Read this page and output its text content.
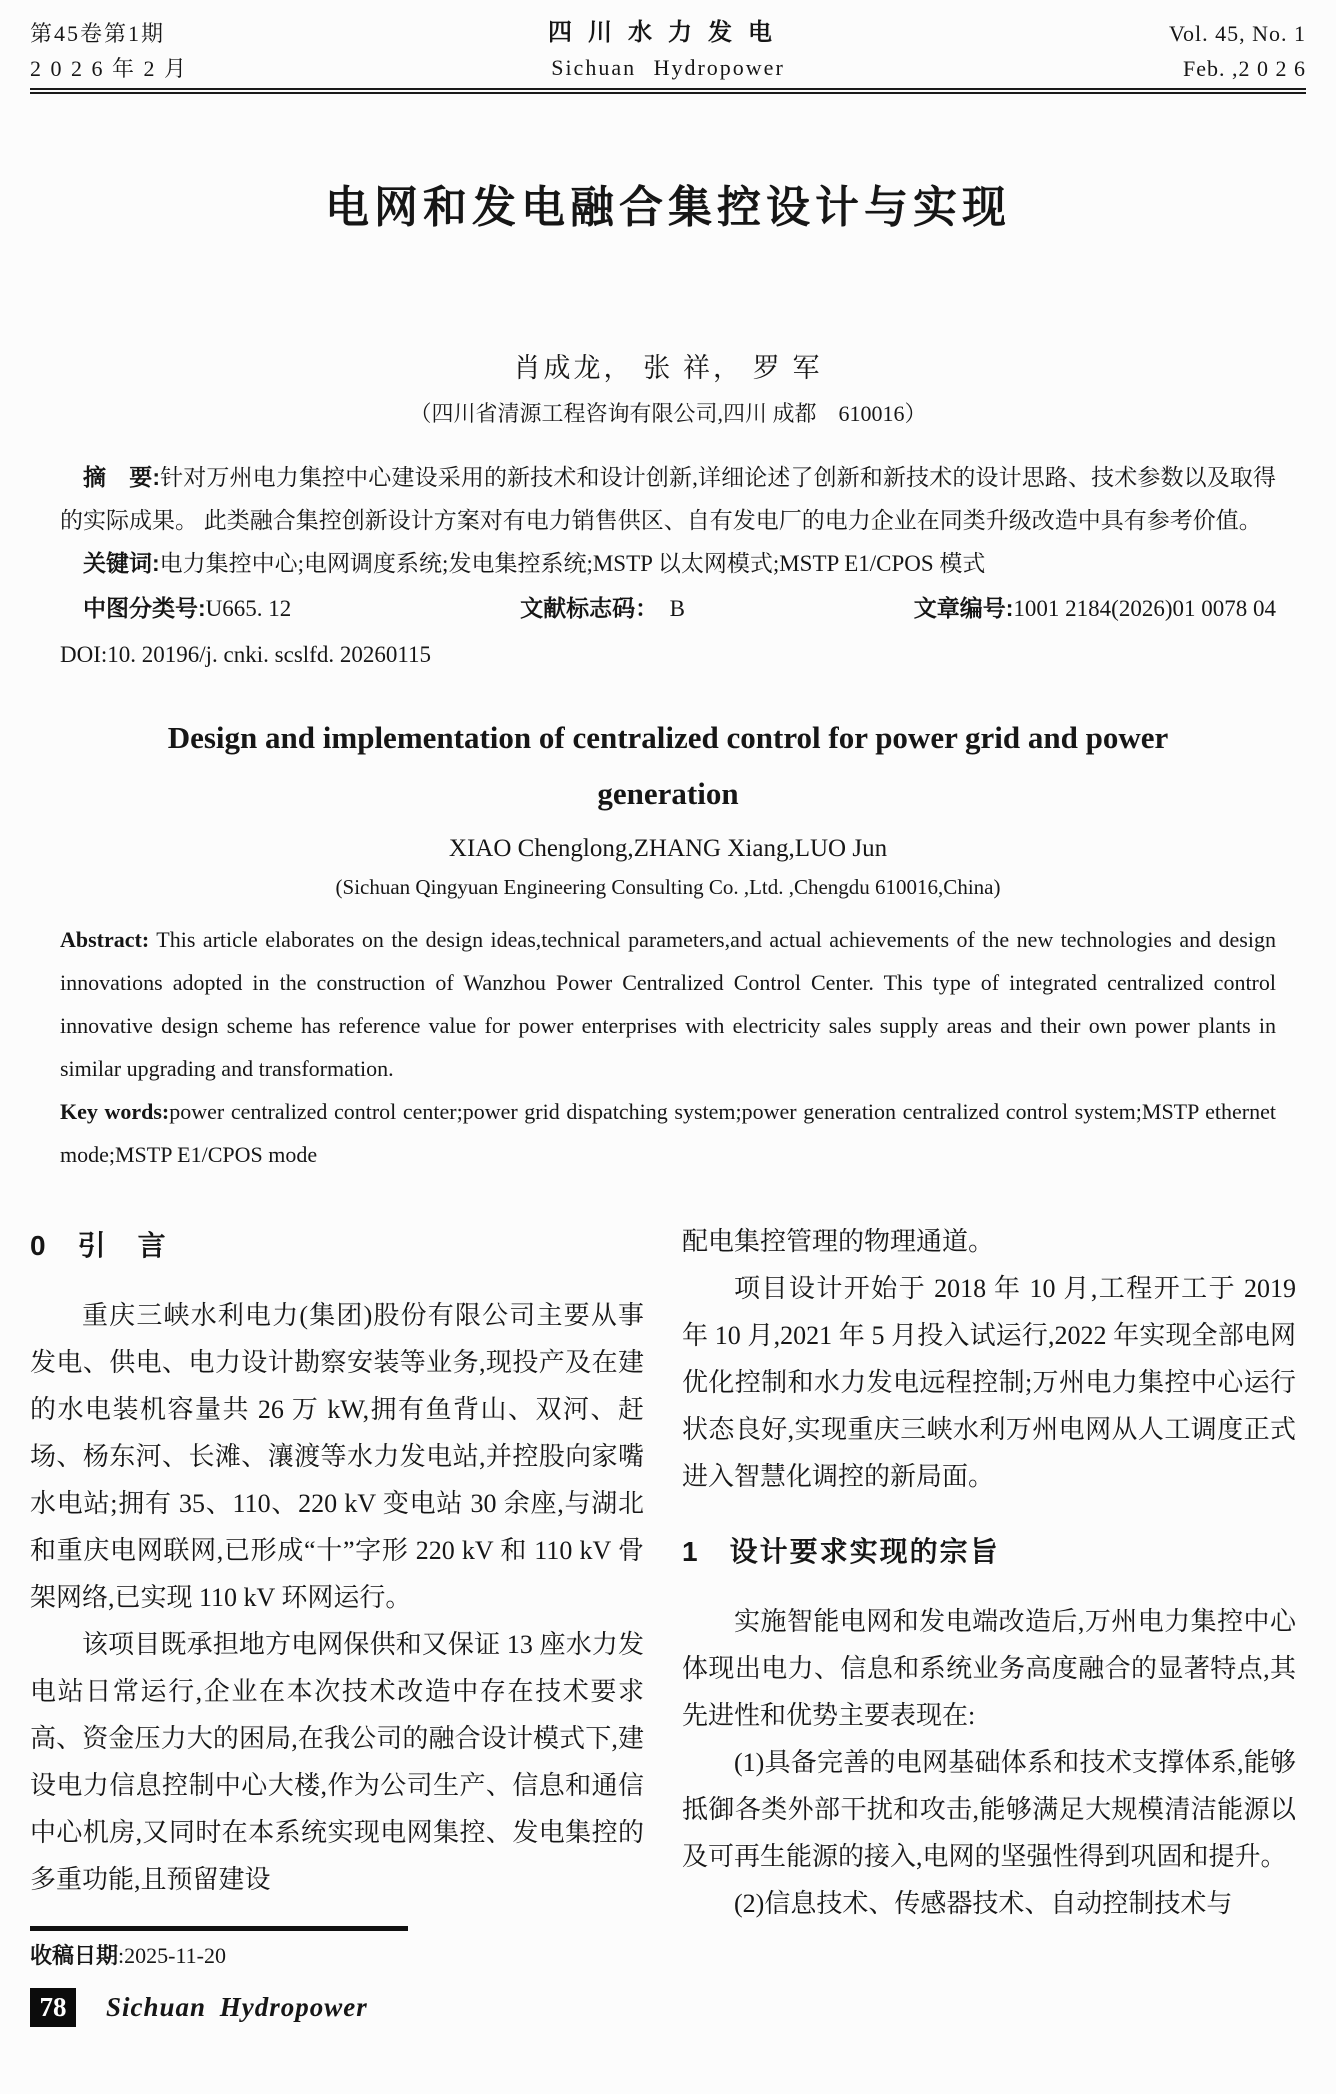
第45卷第1期
2 0 2 6 年 2 月
四川水力发电
Sichuan Hydropower
Vol. 45, No. 1
Feb. ,2 0 2 6
电网和发电融合集控设计与实现
肖成龙， 张 祥， 罗 军
（四川省清源工程咨询有限公司,四川 成都　610016）

摘　要:针对万州电力集控中心建设采用的新技术和设计创新,详细论述了创新和新技术的设计思路、技术参数以及取得的实际成果。 此类融合集控创新设计方案对有电力销售供区、自有发电厂的电力企业在同类升级改造中具有参考价值。

关键词:电力集控中心;电网调度系统;发电集控系统;MSTP 以太网模式;MSTP E1/CPOS 模式

中图分类号:U665. 12	文献标志码： B	文章编号:1001 2184(2026)01 0078 04
DOI:10. 20196/j. cnki. scslfd. 20260115
Design and implementation of centralized control for power grid and power generation
XIAO Chenglong,ZHANG Xiang,LUO Jun
(Sichuan Qingyuan Engineering Consulting Co. ,Ltd. ,Chengdu 610016,China)

Abstract: This article elaborates on the design ideas,technical parameters,and actual achievements of the new technologies and design innovations adopted in the construction of Wanzhou Power Centralized Control Center. This type of integrated centralized control innovative design scheme has reference value for power enterprises with electricity sales supply areas and their own power plants in similar upgrading and transformation.

Key words:power centralized control center;power grid dispatching system;power generation centralized control system;MSTP ethernet mode;MSTP E1/CPOS mode

0　引　言
重庆三峡水利电力(集团)股份有限公司主要从事发电、供电、电力设计勘察安装等业务,现投产及在建的水电装机容量共 26 万 kW,拥有鱼背山、双河、赶场、杨东河、长滩、瀼渡等水力发电站,并控股向家嘴水电站;拥有 35、110、220 kV 变电站 30 余座,与湖北和重庆电网联网,已形成“十”字形 220 kV 和 110 kV 骨架网络,已实现 110 kV 环网运行。
该项目既承担地方电网保供和又保证 13 座水力发电站日常运行,企业在本次技术改造中存在技术要求高、资金压力大的困局,在我公司的融合设计模式下,建设电力信息控制中心大楼,作为公司生产、信息和通信中心机房,又同时在本系统实现电网集控、发电集控的多重功能,且预留建设
配电集控管理的物理通道。
项目设计开始于 2018 年 10 月,工程开工于 2019 年 10 月,2021 年 5 月投入试运行,2022 年实现全部电网优化控制和水力发电远程控制;万州电力集控中心运行状态良好,实现重庆三峡水利万州电网从人工调度正式进入智慧化调控的新局面。
1　设计要求实现的宗旨
实施智能电网和发电端改造后,万州电力集控中心体现出电力、信息和系统业务高度融合的显著特点,其先进性和优势主要表现在:
(1)具备完善的电网基础体系和技术支撑体系,能够抵御各类外部干扰和攻击,能够满足大规模清洁能源以及可再生能源的接入,电网的坚强性得到巩固和提升。
(2)信息技术、传感器技术、自动控制技术与
收稿日期:2025-11-20
78	Sichuan Hydropower
